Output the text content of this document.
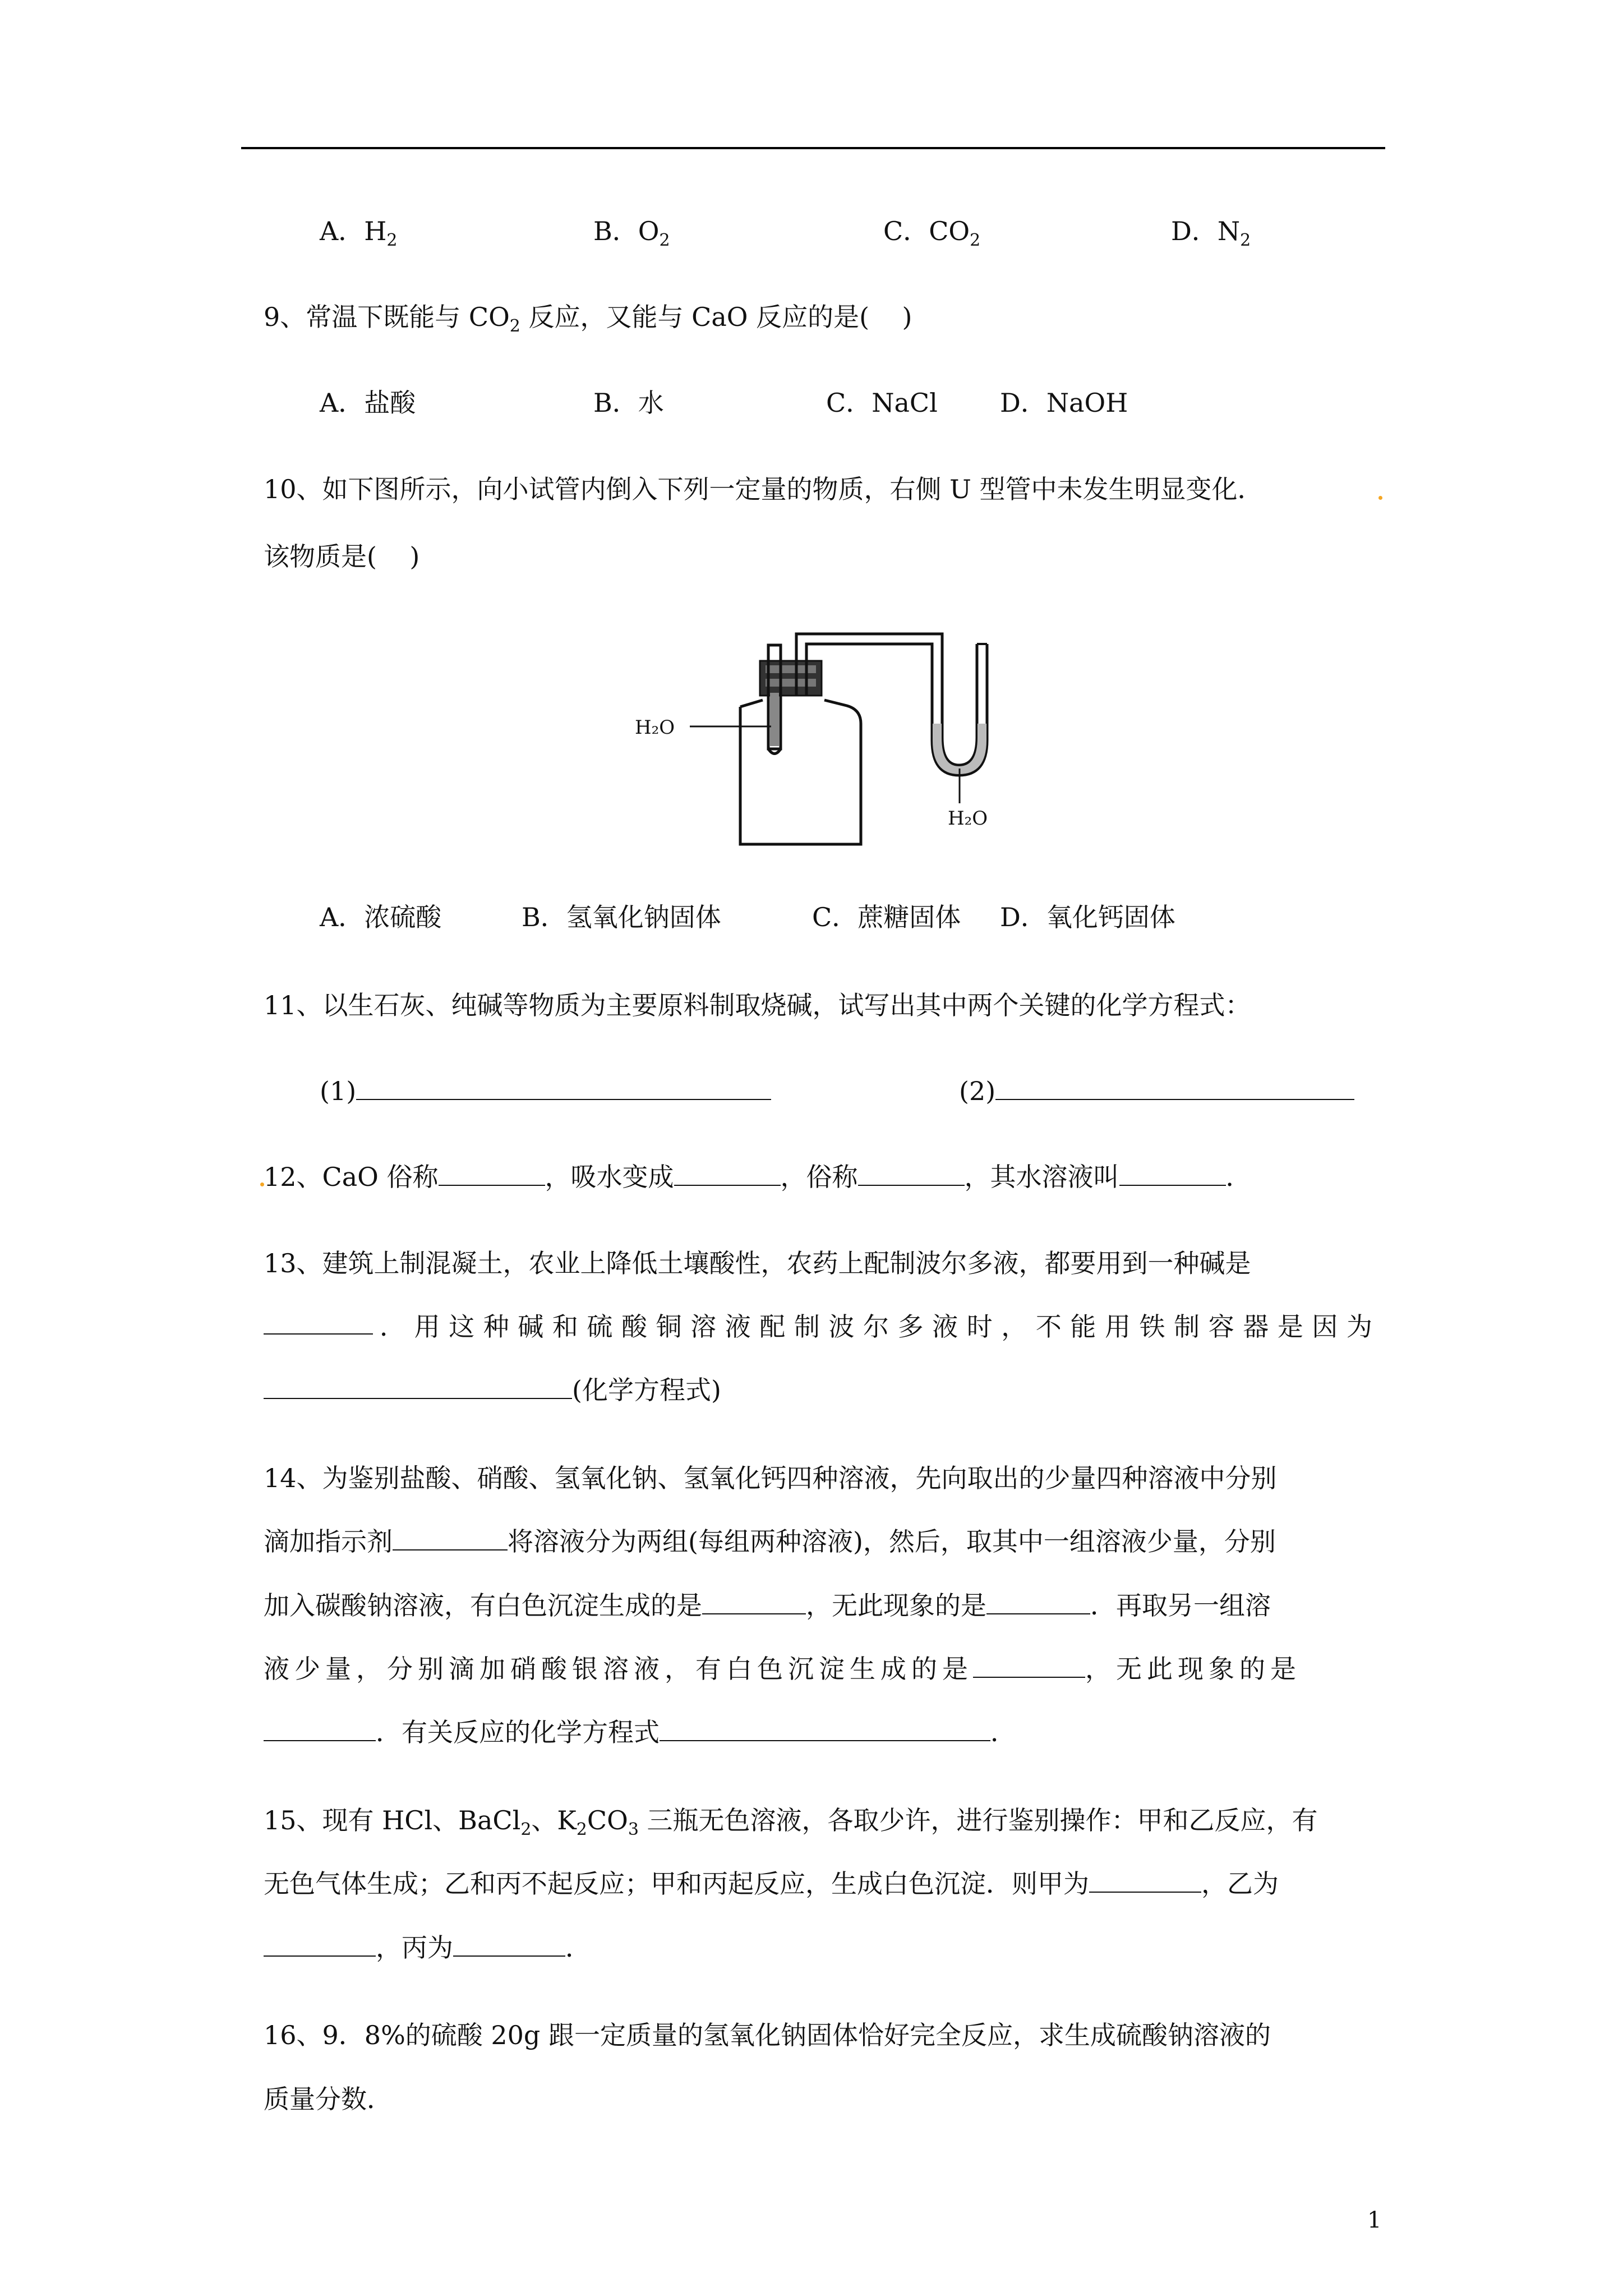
A．$H_2$	B．$O_2$	C．$CO_2$	D．$N_2$
9、常温下既能与 $CO_2$ 反应，又能与 CaO 反应的是(    )
A．盐酸	B．水	C．NaCl D．NaOH
10、如下图所示，向小试管内倒入下列一定量的物质，右侧 U 型管中未发生明显变化．
该物质是(    )
H₂O
H₂O
A．浓硫酸	B．氢氧化钠固体	C．蔗糖固体 D．氧化钙固体
11、以生石灰、纯碱等物质为主要原料制取烧碱，试写出其中两个关键的化学方程式：
(1)	(2)
12、CaO 俗称	，吸水变成	，俗称	，其水溶液叫	．
13、建筑上制混凝土，农业上降低土壤酸性，农药上配制波尔多液，都要用到一种碱是
．用这种碱和硫酸铜溶液配制波尔多液时，不能用铁制容器是因为
(化学方程式)
14、为鉴别盐酸、硝酸、氢氧化钠、氢氧化钙四种溶液，先向取出的少量四种溶液中分别
滴加指示剂	将溶液分为两组(每组两种溶液)，然后，取其中一组溶液少量，分别
加入碳酸钠溶液，有白色沉淀生成的是	，无此现象的是	．再取另一组溶
液少量，分别滴加硝酸银溶液，有白色沉淀生成的是	，无此现象的是
．有关反应的化学方程式	．
15、现有 HCl、BaCl$_2$、$K_2CO_3$ 三瓶无色溶液，各取少许，进行鉴别操作：甲和乙反应，有
无色气体生成；乙和丙不起反应；甲和丙起反应，生成白色沉淀．则甲为	，乙为
，丙为	．
16、9．8%的硫酸 20g 跟一定质量的氢氧化钠固体恰好完全反应，求生成硫酸钠溶液的
质量分数．
1
